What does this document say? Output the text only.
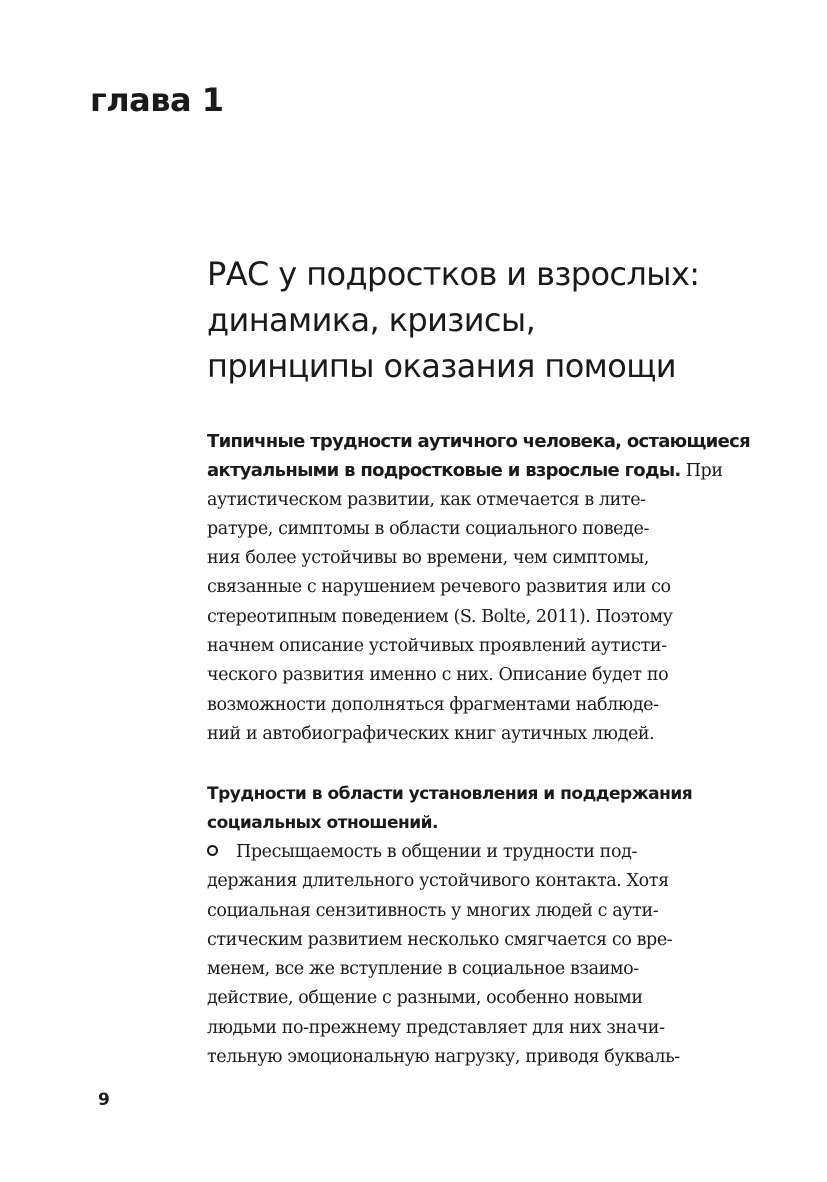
глава 1
РАС у подростков и взрослых:
динамика, кризисы,
принципы оказания помощи
Типичные трудности аутичного человека, остающиеся
актуальными в подростковые и взрослые годы. При
аутистическом развитии, как отмечается в лите-
ратуре, симптомы в области социального поведе-
ния более устойчивы во времени, чем симптомы,
связанные с нарушением речевого развития или со
стереотипным поведением (S. Bolte, 2011). Поэтому
начнем описание устойчивых проявлений аутисти-
ческого развития именно с них. Описание будет по
возможности дополняться фрагментами наблюде-
ний и автобиографических книг аутичных людей.
Трудности в области установления и поддержания
социальных отношений.
Пресыщаемость в общении и трудности под-
держания длительного устойчивого контакта. Хотя
социальная сензитивность у многих людей с аути-
стическим развитием несколько смягчается со вре-
менем, все же вступление в социальное взаимо-
действие, общение с разными, особенно новыми
людьми по-прежнему представляет для них значи-
тельную эмоциональную нагрузку, приводя букваль-

9
